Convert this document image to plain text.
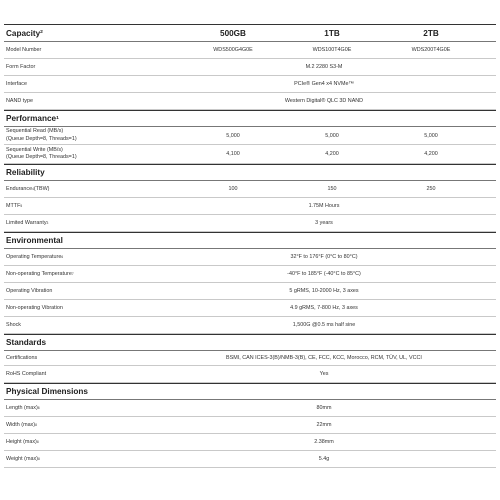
Capacity 2	500GB	1TB	2TB
Model Number	WDS500G4G0E	WDS100T4G0E	WDS200T4G0E
Form Factor	M.2 2280 S3-M
Interface	PCIe® Gen4 x4 NVMe™
NAND type	Western Digital® QLC 3D NAND
Performance 1
Sequential Read (MB/s)
(Queue Depth=8, Threads=1)	5,000	5,000	5,000
Sequential Write (MB/s)
(Queue Depth=8, Threads=1)	4,100	4,200	4,200
Reliability
Endurance 4 (TBW)	100	150	250
MTTF 5	1.75M Hours
Limited Warranty 3	3 years
Environmental
Operating Temperature 6	32°F to 176°F (0°C to 80°C)
Non-operating Temperature 7	-40°F to 185°F (-40°C to 85°C)
Operating Vibration	5 gRMS, 10-2000 Hz, 3 axes
Non-operating Vibration	4.9 gRMS, 7-800 Hz, 3 axes
Shock	1,500G @0.5 ms half sine
Standards
Certifications	BSMI, CAN ICES-3(B)/NMB-3(B), CE, FCC, KCC, Morocco, RCM, TÜV, UL, VCCI
RoHS Compliant	Yes
Physical Dimensions
Length (max) 8	80mm
Width (max) 8	22mm
Height (max) 8	2.38mm
Weight (max) 8	5.4g
